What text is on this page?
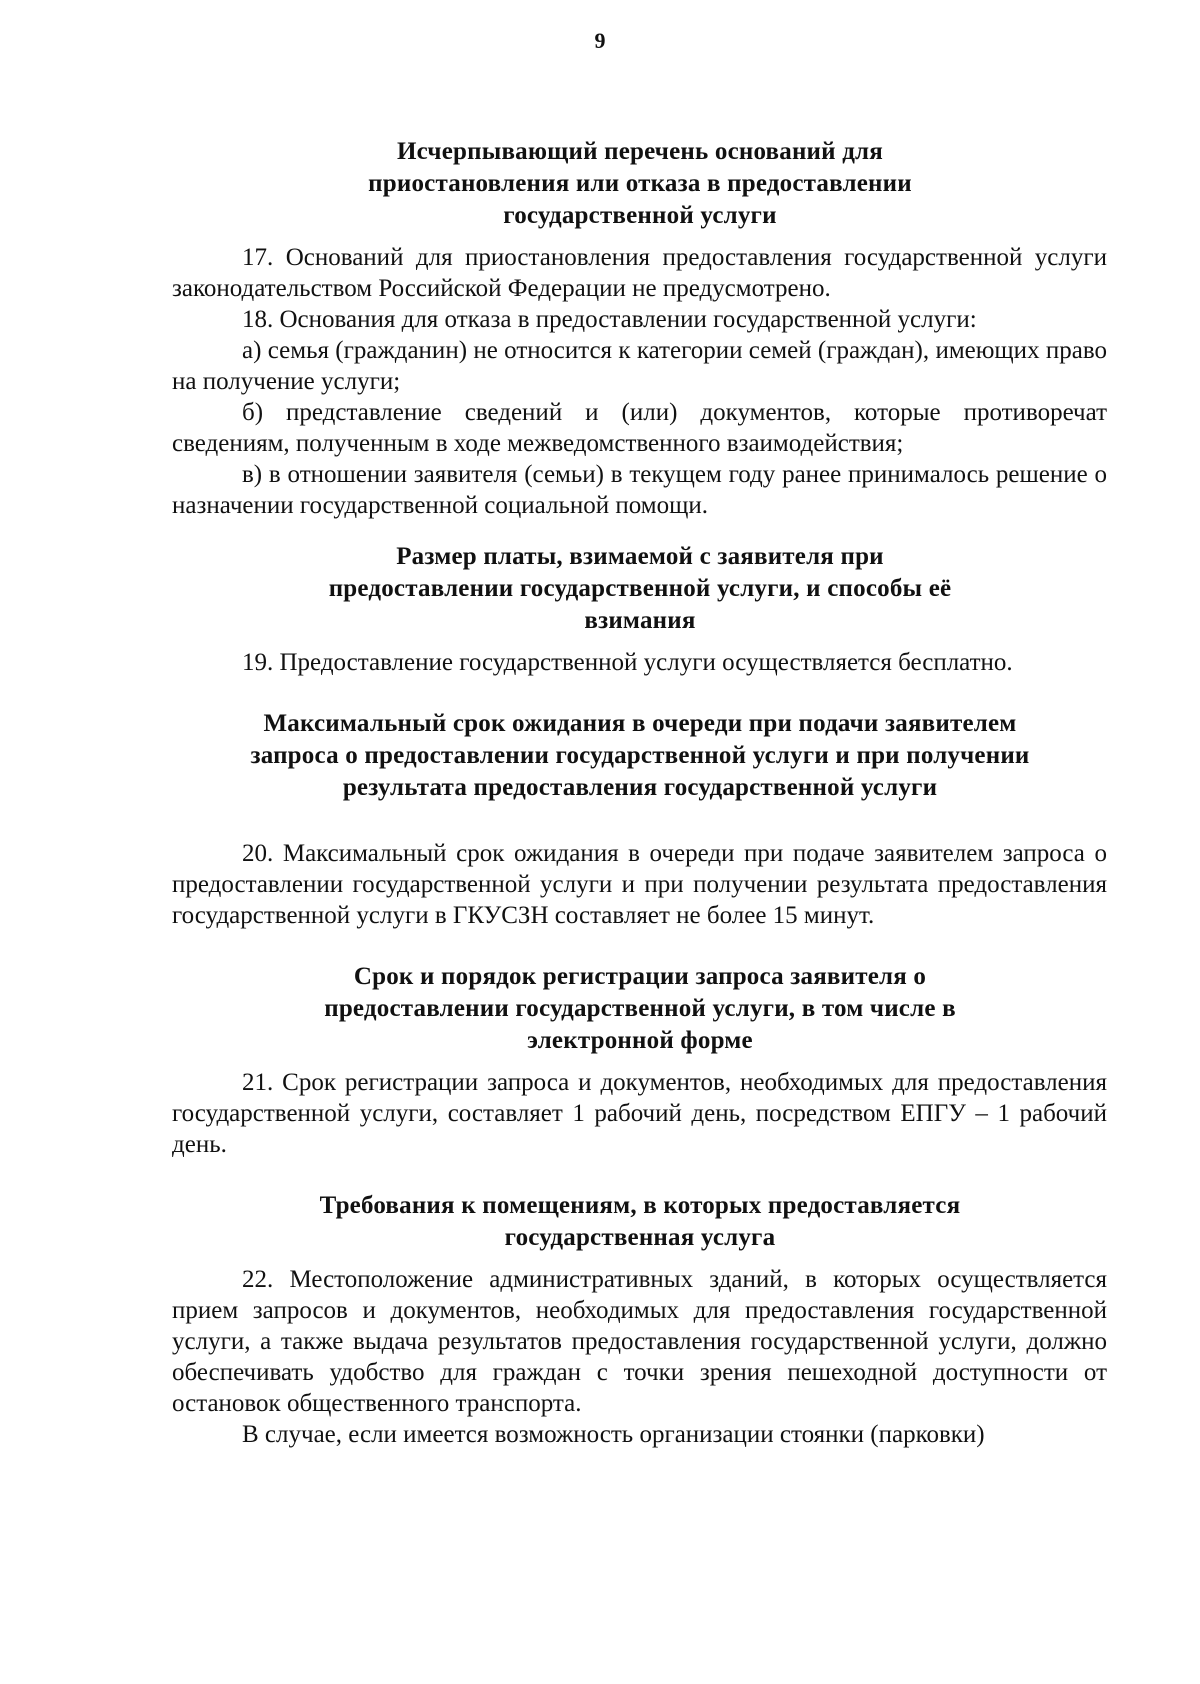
9
Исчерпывающий перечень оснований для приостановления или отказа в предоставлении государственной услуги

17. Оснований для приостановления предоставления государственной услуги законодательством Российской Федерации не предусмотрено.

18. Основания для отказа в предоставлении государственной услуги:

а) семья (гражданин) не относится к категории семей (граждан), имеющих право на получение услуги;

б) представление сведений и (или) документов, которые противоречат сведениям, полученным в ходе межведомственного взаимодействия;

в) в отношении заявителя (семьи) в текущем году ранее принималось решение о назначении государственной социальной помощи.

Размер платы, взимаемой с заявителя при предоставлении государственной услуги, и способы её взимания

19. Предоставление государственной услуги осуществляется бесплатно.

Максимальный срок ожидания в очереди при подачи заявителем запроса о предоставлении государственной услуги и при получении результата предоставления государственной услуги

20. Максимальный срок ожидания в очереди при подаче заявителем запроса о предоставлении государственной услуги и при получении результата предоставления государственной услуги в ГКУСЗН составляет не более 15 минут.

Срок и порядок регистрации запроса заявителя о предоставлении государственной услуги, в том числе в электронной форме

21. Срок регистрации запроса и документов, необходимых для предоставления государственной услуги, составляет 1 рабочий день, посредством ЕПГУ – 1 рабочий день.

Требования к помещениям, в которых предоставляется государственная услуга

22. Местоположение административных зданий, в которых осуществляется прием запросов и документов, необходимых для предоставления государственной услуги, а также выдача результатов предоставления государственной услуги, должно обеспечивать удобство для граждан с точки зрения пешеходной доступности от остановок общественного транспорта.

В случае, если имеется возможность организации стоянки (парковки)
